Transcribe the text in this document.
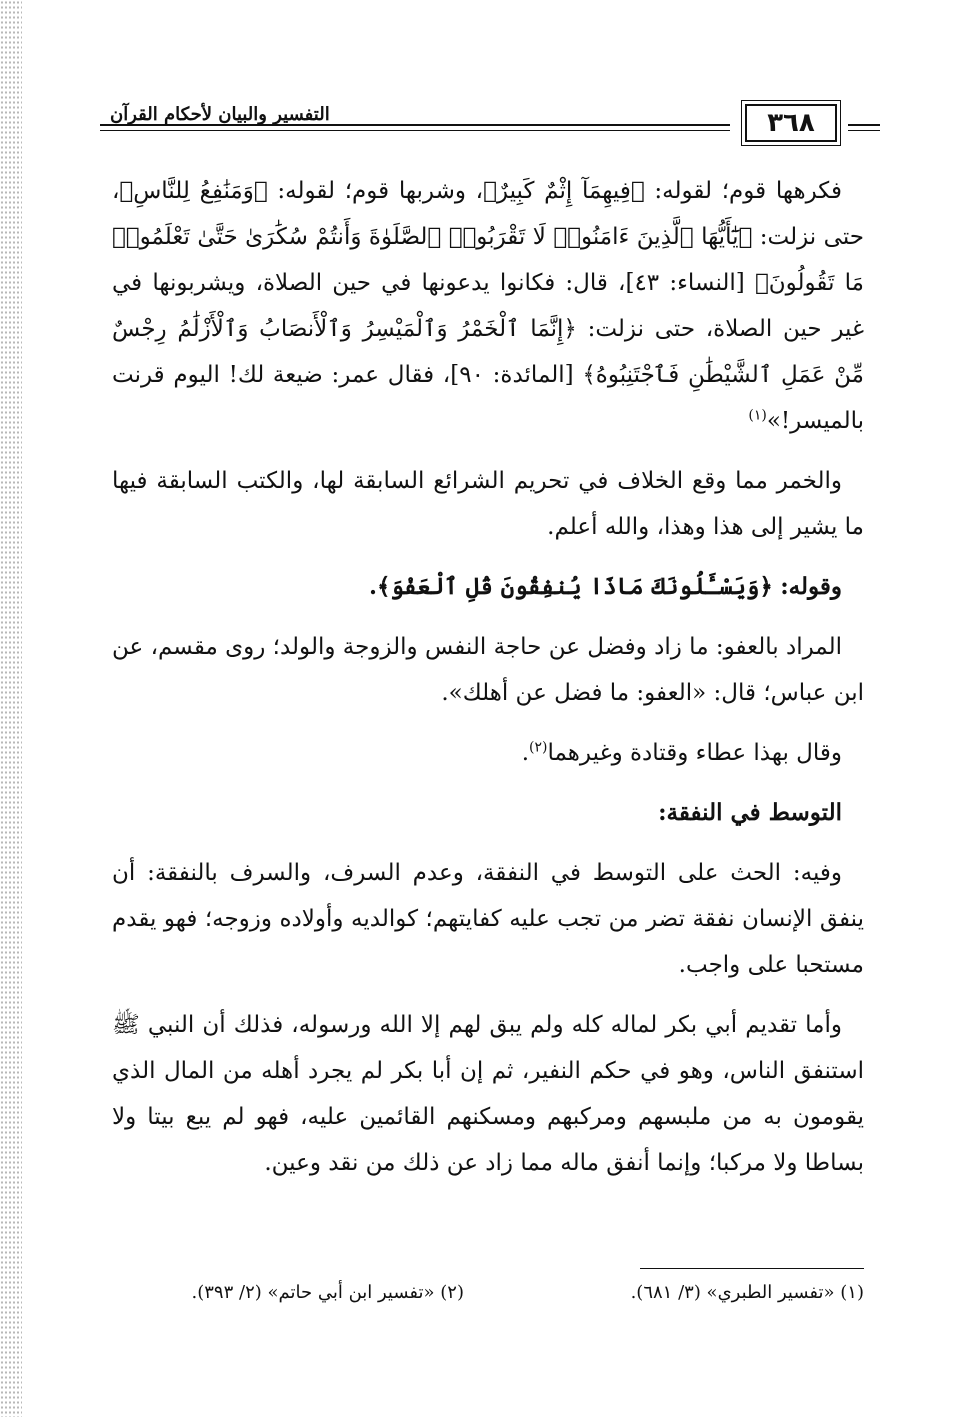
التفسير والبيان لأحكام القرآن	٣٦٨

فكرهها قوم؛ لقوله: ﴿فِيهِمَآ إِثْمٌ كَبِيرٌ﴾، وشربها قوم؛ لقوله: ﴿وَمَنَٰفِعُ لِلنَّاسِ﴾، حتى نزلت: ﴿يَٰٓأَيُّهَا ٱلَّذِينَ ءَامَنُوا۟ لَا تَقْرَبُوا۟ ٱلصَّلَوٰةَ وَأَنتُمْ سُكَٰرَىٰ حَتَّىٰ تَعْلَمُوا۟ مَا تَقُولُونَ﴾ [النساء: ٤٣]، قال: فكانوا يدعونها في حين الصلاة، ويشربونها في غير حين الصلاة، حتى نزلت: ﴿إِنَّمَا ٱلْخَمْرُ وَٱلْمَيْسِرُ وَٱلْأَنصَابُ وَٱلْأَزْلَٰمُ رِجْسٌ مِّنْ عَمَلِ ٱلشَّيْطَٰنِ فَٱجْتَنِبُوهُ﴾ [المائدة: ٩٠]، فقال عمر: ضيعة لك! اليوم قرنت بالميسر!»$^{(١)}$

والخمر مما وقع الخلاف في تحريم الشرائع السابقة لها، والكتب السابقة فيها ما يشير إلى هذا وهذا، والله أعلم.

وقوله: ﴿وَيَسْـَٔلُونَكَ مَاذَا يُنفِقُونَ قُلِ ٱلْعَفْوَ﴾.

المراد بالعفو: ما زاد وفضل عن حاجة النفس والزوجة والولد؛ روى مقسم، عن ابن عباس؛ قال: «العفو: ما فضل عن أهلك».

وقال بهذا عطاء وقتادة وغيرهما$^{(٢)}$.

التوسط في النفقة:

وفيه: الحث على التوسط في النفقة، وعدم السرف، والسرف بالنفقة: أن ينفق الإنسان نفقة تضر من تجب عليه كفايتهم؛ كوالديه وأولاده وزوجه؛ فهو يقدم مستحبا على واجب.

وأما تقديم أبي بكر لماله كله ولم يبق لهم إلا الله ورسوله، فذلك أن النبي ﷺ استنفق الناس، وهو في حكم النفير، ثم إن أبا بكر لم يجرد أهله من المال الذي يقومون به من ملبسهم ومركبهم ومسكنهم القائمين عليه، فهو لم يبع بيتا ولا بساطا ولا مركبا؛ وإنما أنفق ماله مما زاد عن ذلك من نقد وعين.

(١) «تفسير الطبري» (٣/ ٦٨١).
(٢) «تفسير ابن أبي حاتم» (٢/ ٣٩٣).
